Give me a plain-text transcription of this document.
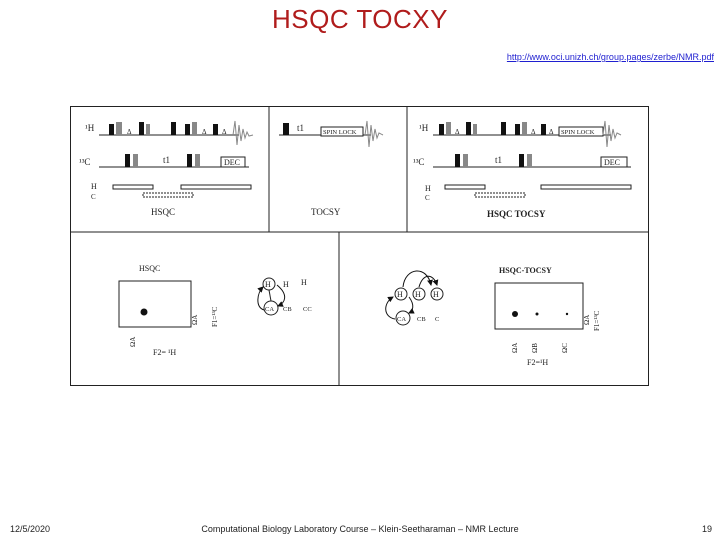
HSQC TOCXY
http://www.oci.unizh.ch/group.pages/zerbe/NMR.pdf
¹H	Δ	Δ Δ
¹³C	t1	DEC
H
C
HSQC
t1	SPIN LOCK
TOCSY
¹H	Δ	Δ Δ SPIN LOCK
¹³C	t1	DEC
H
C
HSQC TOCSY
HSQC
ΩA F1=¹³C
ΩA
F2= ¹H
H H H
CA CB CC
H H H
CA CB C
HSQC-TOCSY
ΩA F1=¹³C
ΩA ΩB	ΩC
F2=¹H
12/5/2020	Computational Biology Laboratory Course – Klein-Seetharaman – NMR Lecture	19
